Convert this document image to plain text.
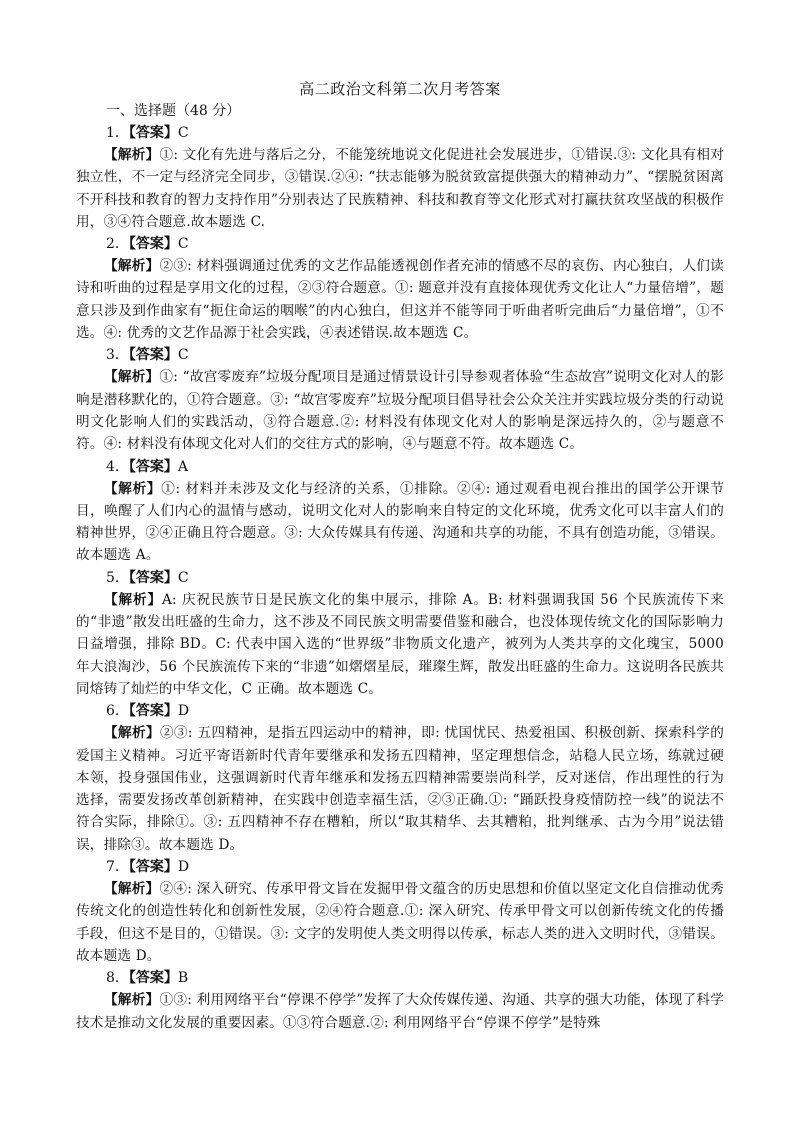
高二政治文科第二次月考答案
一、选择题（48 分）
1．【答案】C
【解析】①: 文化有先进与落后之分，不能笼统地说文化促进社会发展进步，①错误.③: 文化具有相对独立性，不一定与经济完全同步，③错误.②④: “扶志能够为脱贫致富提供强大的精神动力”、“摆脱贫困离不开科技和教育的智力支持作用”分别表达了民族精神、科技和教育等文化形式对打赢扶贫攻坚战的积极作用，③④符合题意.故本题选 C.
2．【答案】C
【解析】②③: 材料强调通过优秀的文艺作品能透视创作者充沛的情感不尽的哀伤、内心独白，人们读诗和听曲的过程是享用文化的过程，②③符合题意。①: 题意并没有直接体现优秀文化让人“力量倍增”，题意只涉及到作曲家有“扼住命运的咽喉”的内心独白，但这并不能等同于听曲者听完曲后“力量倍增”，①不选。④: 优秀的文艺作品源于社会实践，④表述错误.故本题选 C。
3．【答案】C
【解析】①: “故宫零废弃”垃圾分配项目是通过情景设计引导参观者体验“生态故宫”说明文化对人的影响是潜移默化的，①符合题意。③: “故宫零废弃”垃圾分配项目倡导社会公众关注并实践垃圾分类的行动说明文化影响人们的实践活动，③符合题意.②: 材料没有体现文化对人的影响是深远持久的，②与题意不符。④: 材料没有体现文化对人们的交往方式的影响，④与题意不符。故本题选 C。
4．【答案】A
【解析】①: 材料并未涉及文化与经济的关系，①排除。②④: 通过观看电视台推出的国学公开课节目，唤醒了人们内心的温情与感动，说明文化对人的影响来自特定的文化环境，优秀文化可以丰富人们的精神世界，②④正确且符合题意。③: 大众传媒具有传递、沟通和共享的功能，不具有创造功能，③错误。故本题选 A。
5．【答案】C
【解析】A: 庆祝民族节日是民族文化的集中展示，排除 A。B: 材料强调我国 56 个民族流传下来的“非遗”散发出旺盛的生命力，这不涉及不同民族文明需要借鉴和融合，也没体现传统文化的国际影响力日益增强，排除 BD。C: 代表中国入选的“世界级”非物质文化遗产，被列为人类共享的文化瑰宝，5000 年大浪淘沙，56 个民族流传下来的“非遗”如熠熠星辰，璀璨生辉，散发出旺盛的生命力。这说明各民族共同熔铸了灿烂的中华文化，C 正确。故本题选 C。
6．【答案】D
【解析】②③: 五四精神，是指五四运动中的精神，即: 忧国忧民、热爱祖国、积极创新、探索科学的爱国主义精神。习近平寄语新时代青年要继承和发扬五四精神，坚定理想信念，站稳人民立场，练就过硬本领，投身强国伟业，这强调新时代青年继承和发扬五四精神需要崇尚科学，反对迷信，作出理性的行为选择，需要发扬改革创新精神，在实践中创造幸福生活，②③正确.①: “踊跃投身疫情防控一线”的说法不符合实际，排除①。③: 五四精神不存在糟粕，所以“取其精华、去其糟粕，批判继承、古为今用”说法错误，排除③。故本题选 D。
7．【答案】D
【解析】②④: 深入研究、传承甲骨文旨在发掘甲骨文蕴含的历史思想和价值以坚定文化自信推动优秀传统文化的创造性转化和创新性发展，②④符合题意.①: 深入研究、传承甲骨文可以创新传统文化的传播手段，但这不是目的，①错误。③: 文字的发明使人类文明得以传承，标志人类的进入文明时代，③错误。故本题选 D。
8．【答案】B
【解析】①③: 利用网络平台“停课不停学”发挥了大众传媒传递、沟通、共享的强大功能，体现了科学技术是推动文化发展的重要因素。①③符合题意.②: 利用网络平台“停课不停学”是特殊
